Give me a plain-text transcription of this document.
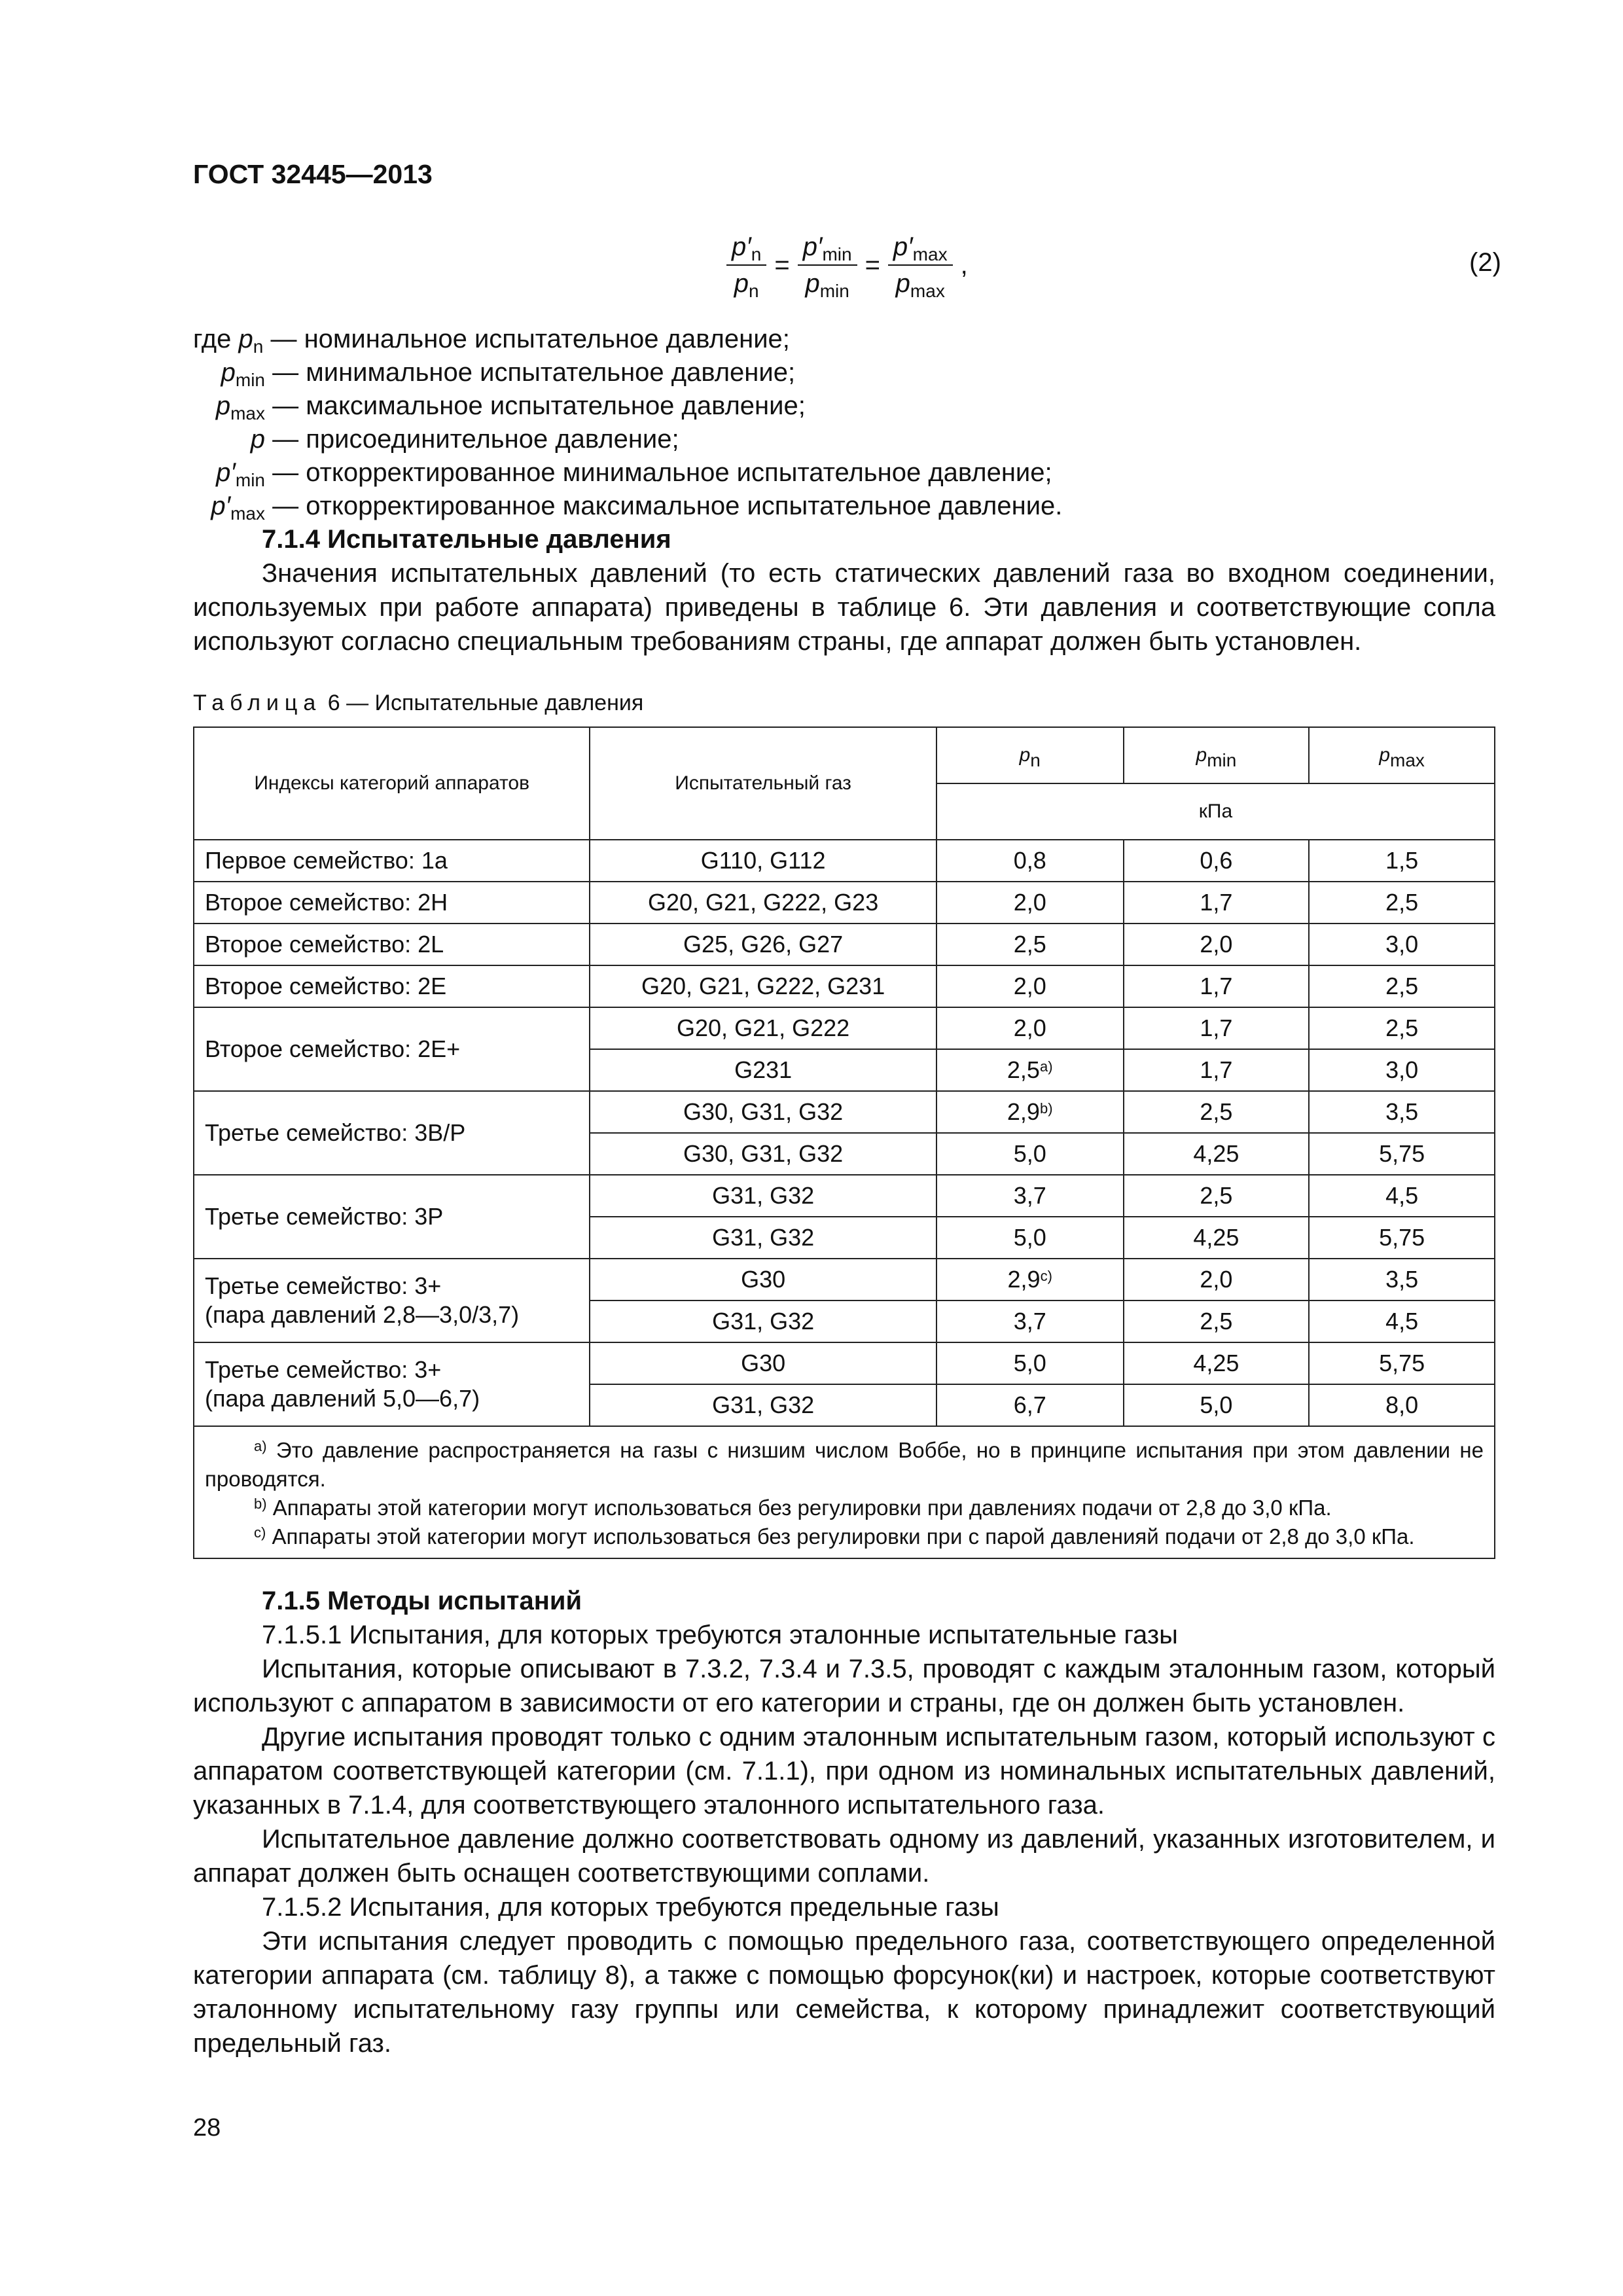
ГОСТ 32445—2013
$\frac{p'_n}{p_n} = \frac{p'_{min}}{p_{min}} = \frac{p'_{max}}{p_{max}}$ ,	(2)
где $p_n$ — номинальное испытательное давление;
$p_{min}$ — минимальное испытательное давление;
$p_{max}$ — максимальное испытательное давление;
p — присоединительное давление;
$p'_{min}$ — откорректированное минимальное испытательное давление;
$p'_{max}$ — откорректированное максимальное испытательное давление.
7.1.4 Испытательные давления
Значения испытательных давлений (то есть статических давлений газа во входном соединении, используемых при работе аппарата) приведены в таблице 6. Эти давления и соответствующие сопла используют согласно специальным требованиям страны, где аппарат должен быть установлен.
Таблица 6 — Испытательные давления
Индексы категорий аппаратов	Испытательный газ	$p_n$	$p_{min}$	$p_{max}$
		кПа		

Первое семейство: 1а	G110, G112	0,8	0,6	1,5

Второе семейство: 2Н	G20, G21, G222, G23	2,0	1,7	2,5

Второе семейство: 2L	G25, G26, G27	2,5	2,0	3,0

Второе семейство: 2Е	G20, G21, G222, G231	2,0	1,7	2,5

Второе семейство: 2Е+	G20, G21, G222	2,0	1,7	2,5
	G231	2,5$^{a)}$	1,7	3,0

Третье семейство: 3В/Р	G30, G31, G32	2,9$^{b)}$	2,5	3,5
	G30, G31, G32	5,0	4,25	5,75

Третье семейство: 3Р	G31, G32	3,7	2,5	4,5
	G31, G32	5,0	4,25	5,75

Третье семейство: 3+
(пара давлений 2,8—3,0/3,7)	G30	2,9$^{c)}$	2,0	3,5
	G31, G32	3,7	2,5	4,5

Третье семейство: 3+
(пара давлений 5,0—6,7)	G30	5,0	4,25	5,75
	G31, G32	6,7	5,0	8,0

$^{a)}$ Это давление распространяется на газы с низшим числом Воббе, но в принципе испытания при этом давлении не проводятся.
$^{b)}$ Аппараты этой категории могут использоваться без регулировки при давлениях подачи от 2,8 до 3,0 кПа.
$^{c)}$ Аппараты этой категории могут использоваться без регулировки при с парой давленияй подачи от 2,8 до 3,0 кПа.				
7.1.5 Методы испытаний
7.1.5.1 Испытания, для которых требуются эталонные испытательные газы
Испытания, которые описывают в 7.3.2, 7.3.4 и 7.3.5, проводят с каждым эталонным газом, который используют с аппаратом в зависимости от его категории и страны, где он должен быть установлен.
Другие испытания проводят только с одним эталонным испытательным газом, который используют с аппаратом соответствующей категории (см. 7.1.1), при одном из номинальных испытательных давлений, указанных в 7.1.4, для соответствующего эталонного испытательного газа.
Испытательное давление должно соответствовать одному из давлений, указанных изготовителем, и аппарат должен быть оснащен соответствующими соплами.
7.1.5.2 Испытания, для которых требуются предельные газы
Эти испытания следует проводить с помощью предельного газа, соответствующего определенной категории аппарата (см. таблицу 8), а также с помощью форсунок(ки) и настроек, которые соответствуют эталонному испытательному газу группы или семейства, к которому принадлежит соответствующий предельный газ.
28
